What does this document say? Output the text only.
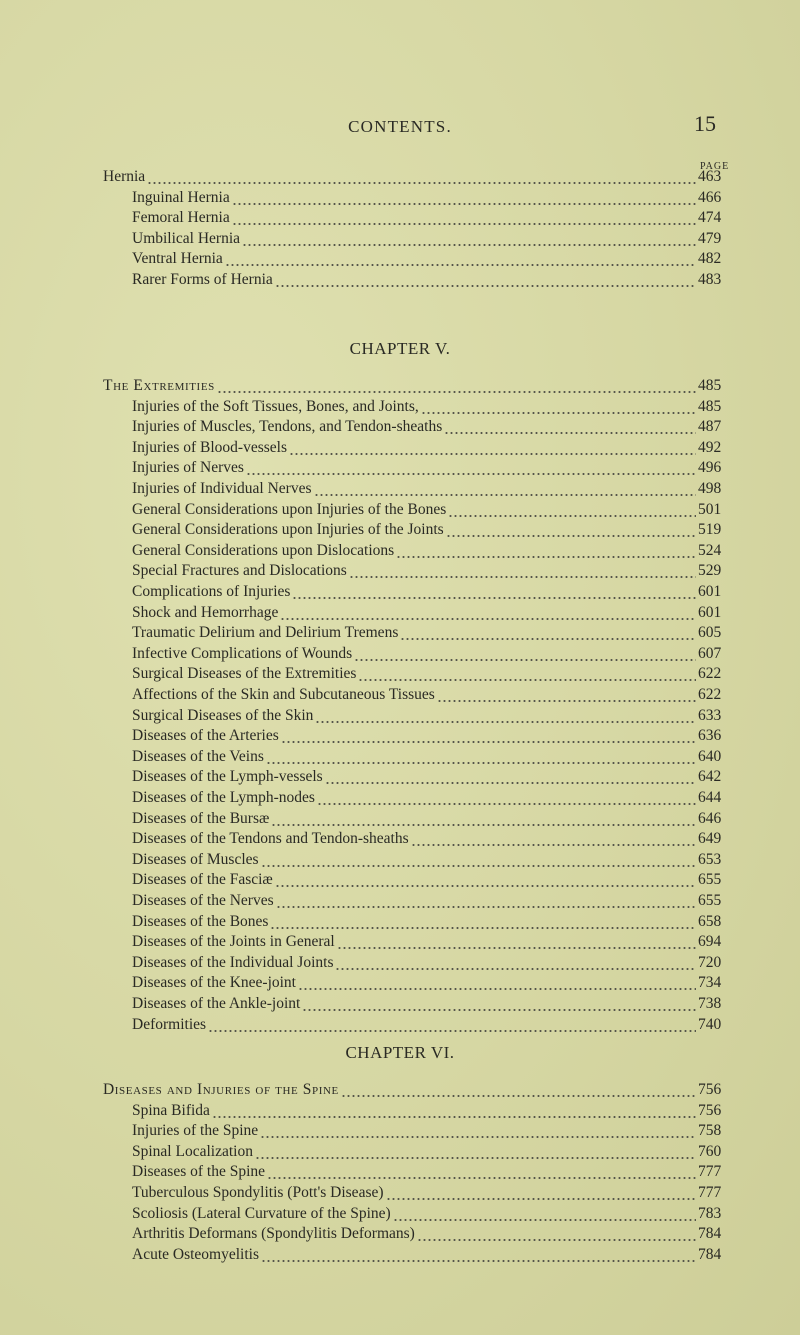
CONTENTS.	15
PAGE
CHAPTER V.
CHAPTER VI.
Hernia	463
Inguinal Hernia	466
Femoral Hernia	474
Umbilical Hernia	479
Ventral Hernia	482
Rarer Forms of Hernia	483
The Extremities	485
Injuries of the Soft Tissues, Bones, and Joints,	485
Injuries of Muscles, Tendons, and Tendon-sheaths	487
Injuries of Blood-vessels	492
Injuries of Nerves	496
Injuries of Individual Nerves	498
General Considerations upon Injuries of the Bones	501
General Considerations upon Injuries of the Joints	519
General Considerations upon Dislocations	524
Special Fractures and Dislocations	529
Complications of Injuries	601
Shock and Hemorrhage	601
Traumatic Delirium and Delirium Tremens	605
Infective Complications of Wounds	607
Surgical Diseases of the Extremities	622
Affections of the Skin and Subcutaneous Tissues	622
Surgical Diseases of the Skin	633
Diseases of the Arteries	636
Diseases of the Veins	640
Diseases of the Lymph-vessels	642
Diseases of the Lymph-nodes	644
Diseases of the Bursæ	646
Diseases of the Tendons and Tendon-sheaths	649
Diseases of Muscles	653
Diseases of the Fasciæ	655
Diseases of the Nerves	655
Diseases of the Bones	658
Diseases of the Joints in General	694
Diseases of the Individual Joints	720
Diseases of the Knee-joint	734
Diseases of the Ankle-joint	738
Deformities	740
Diseases and Injuries of the Spine	756
Spina Bifida	756
Injuries of the Spine	758
Spinal Localization	760
Diseases of the Spine	777
Tuberculous Spondylitis (Pott's Disease)	777
Scoliosis (Lateral Curvature of the Spine)	783
Arthritis Deformans (Spondylitis Deformans)	784
Acute Osteomyelitis	784
